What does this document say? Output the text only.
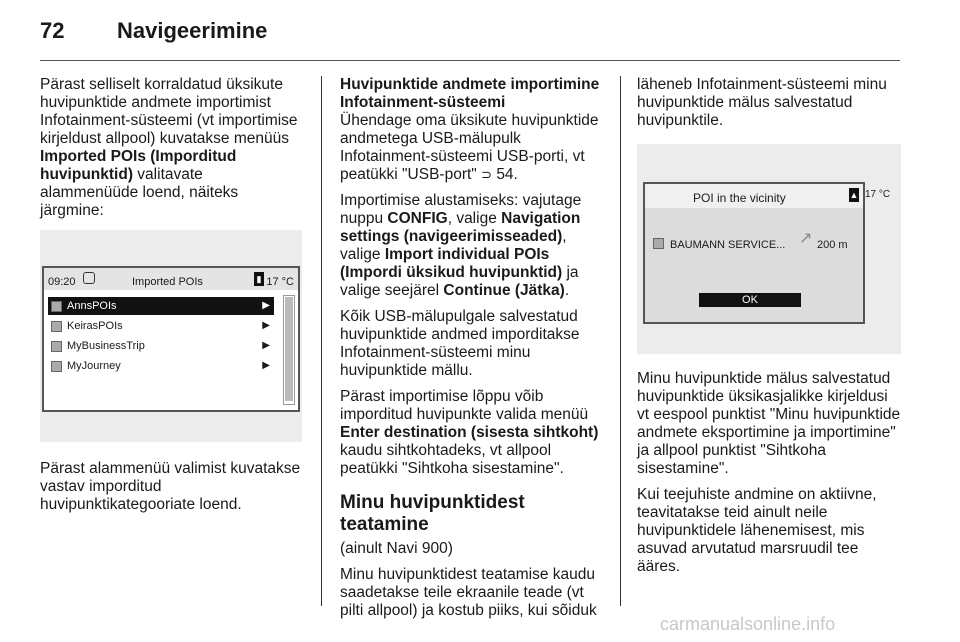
72 Navigeerimine

Pärast selliselt korraldatud üksikute huvipunktide andmete importimist Infotainment-süsteemi (vt importimise kirjeldust allpool) kuvatakse menüüs Imported POIs (Imporditud huvipunktid) valitavate alammenüüde loend, näiteks järgmine:

09:20	Imported POIs	▮ 17 °C
AnnsPOIs	▶
KeirasPOIs	▶
MyBusinessTrip	▶
MyJourney	▶

Pärast alammenüü valimist kuvatakse vastav imporditud huvipunktikategooriate loend.

Huvipunktide andmete importimine Infotainment-süsteemi

Ühendage oma üksikute huvipunktide andmetega USB-mälupulk Infotainment-süsteemi USB-porti, vt peatükki "USB-port" ⊃ 54.

Importimise alustamiseks: vajutage nuppu CONFIG, valige Navigation settings (navigeerimisseaded), valige Import individual POIs (Impordi üksikud huvipunktid) ja valige seejärel Continue (Jätka).

Kõik USB-mälupulgale salvestatud huvipunktide andmed imporditakse Infotainment-süsteemi minu huvipunktide mällu.

Pärast importimise lõppu võib imporditud huvipunkte valida menüü Enter destination (sisesta sihtkoht) kaudu sihtkohtadeks, vt allpool peatükki "Sihtkoha sisestamine".

Minu huvipunktidest teatamine

(ainult Navi 900)

Minu huvipunktidest teatamise kaudu saadetakse teile ekraanile teade (vt pilti allpool) ja kostub piiks, kui sõiduk

läheneb Infotainment-süsteemi minu huvipunktide mälus salvestatud huvipunktile.

POI in the vicinity	▲
BAUMANN SERVICE... ↗ 200 m
OK
17 °C

Minu huvipunktide mälus salvestatud huvipunktide üksikasjalikke kirjeldusi vt eespool punktist "Minu huvipunktide andmete eksportimine ja importimine" ja allpool punktist "Sihtkoha sisestamine".

Kui teejuhiste andmine on aktiivne, teavitatakse teid ainult neile huvipunktidele lähenemisest, mis asuvad arvutatud marsruudil tee ääres.

carmanualsonline.info
